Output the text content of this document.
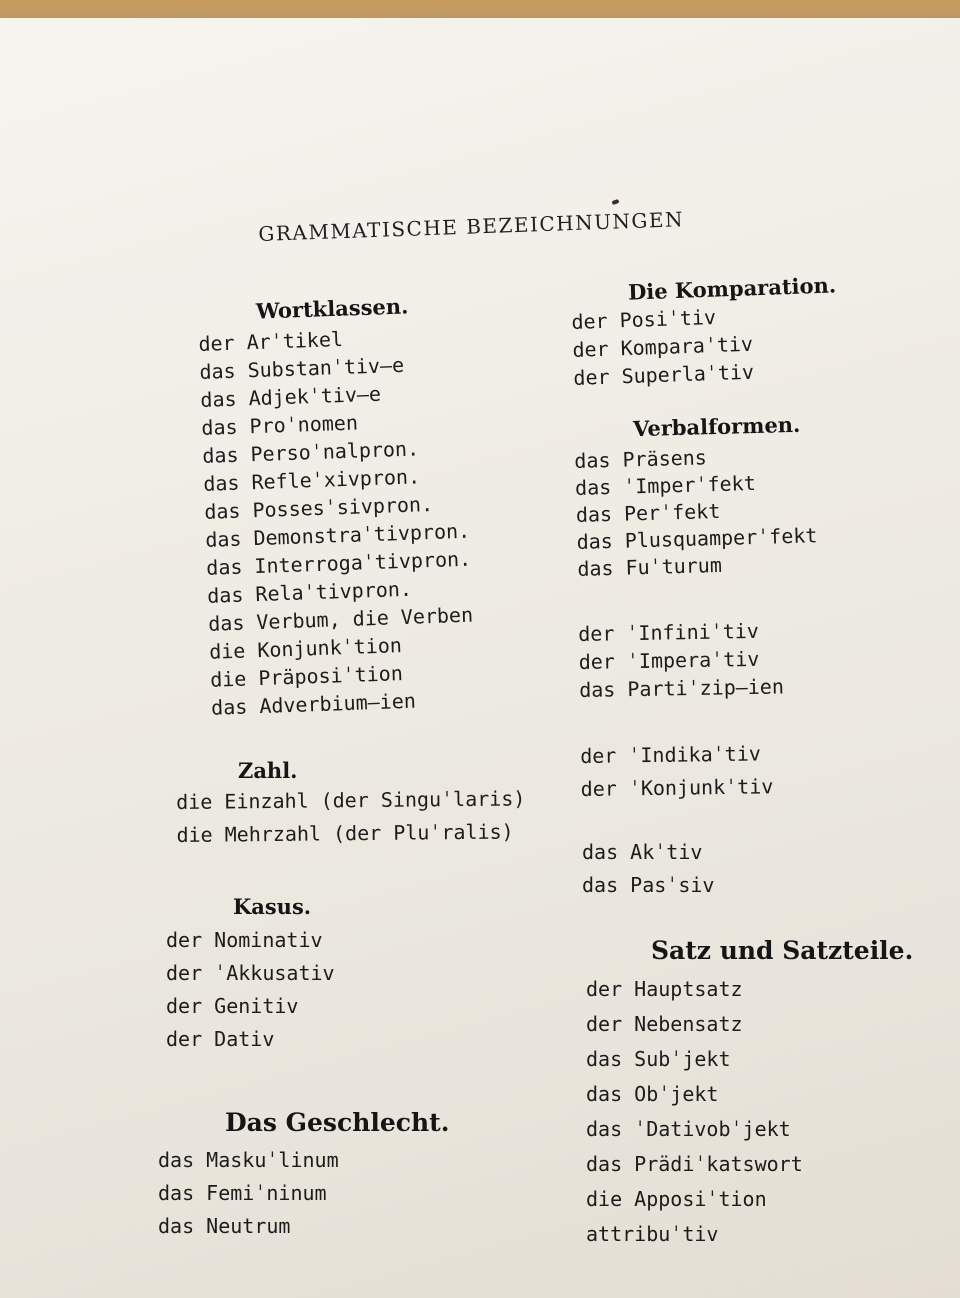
GRAMMATISCHE BEZEICHNUNGEN
Wortklassen.
der Arˈtikel
das Substanˈtiv—e
das Adjekˈtiv—e
das Proˈnomen
das Persoˈnalpron.
das Refleˈxivpron.
das Possesˈsivpron.
das Demonstraˈtivpron.
das Interrogaˈtivpron.
das Relaˈtivpron.
das Verbum, die Verben
die Konjunkˈtion
die Präposiˈtion
das Adverbium—ien
Zahl.
die Einzahl (der Singuˈlaris)
die Mehrzahl (der Pluˈralis)
Kasus.
der Nominativ
der ˈAkkusativ
der Genitiv
der Dativ
Das Geschlecht.
das Maskuˈlinum
das Femiˈninum
das Neutrum
Die Komparation.
der Posiˈtiv
der Komparaˈtiv
der Superlaˈtiv
Verbalformen.
das Präsens
das ˈImperˈfekt
das Perˈfekt
das Plusquamperˈfekt
das Fuˈturum
der ˈInfiniˈtiv
der ˈImperaˈtiv
das Partiˈzip—ien
der ˈIndikaˈtiv
der ˈKonjunkˈtiv
das Akˈtiv
das Pasˈsiv
Satz und Satzteile.
der Hauptsatz
der Nebensatz
das Subˈjekt
das Obˈjekt
das ˈDativobˈjekt
das Prädiˈkatswort
die Apposiˈtion
attribuˈtiv
